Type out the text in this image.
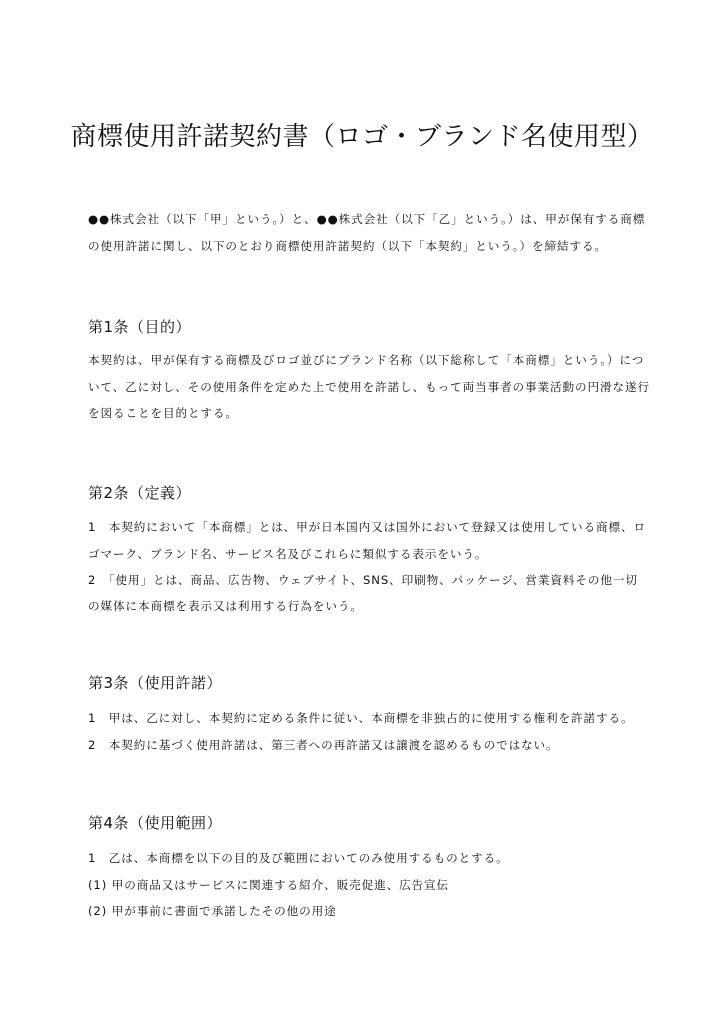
商標使用許諾契約書（ロゴ・ブランド名使用型）
●●株式会社（以下「甲」という。）と、●●株式会社（以下「乙」という。）は、甲が保有する商標
の使用許諾に関し、以下のとおり商標使用許諾契約（以下「本契約」という。）を締結する。
第1条（目的）
本契約は、甲が保有する商標及びロゴ並びにブランド名称（以下総称して「本商標」という。）につ
いて、乙に対し、その使用条件を定めた上で使用を許諾し、もって両当事者の事業活動の円滑な遂行
を図ることを目的とする。
第2条（定義）
1　本契約において「本商標」とは、甲が日本国内又は国外において登録又は使用している商標、ロ
ゴマーク、ブランド名、サービス名及びこれらに類似する表示をいう。
2　「使用」とは、商品、広告物、ウェブサイト、SNS、印刷物、パッケージ、営業資料その他一切
の媒体に本商標を表示又は利用する行為をいう。
第3条（使用許諾）
1　甲は、乙に対し、本契約に定める条件に従い、本商標を非独占的に使用する権利を許諾する。
2　本契約に基づく使用許諾は、第三者への再許諾又は譲渡を認めるものではない。
第4条（使用範囲）
1　乙は、本商標を以下の目的及び範囲においてのみ使用するものとする。
(1) 甲の商品又はサービスに関連する紹介、販売促進、広告宣伝
(2) 甲が事前に書面で承諾したその他の用途
